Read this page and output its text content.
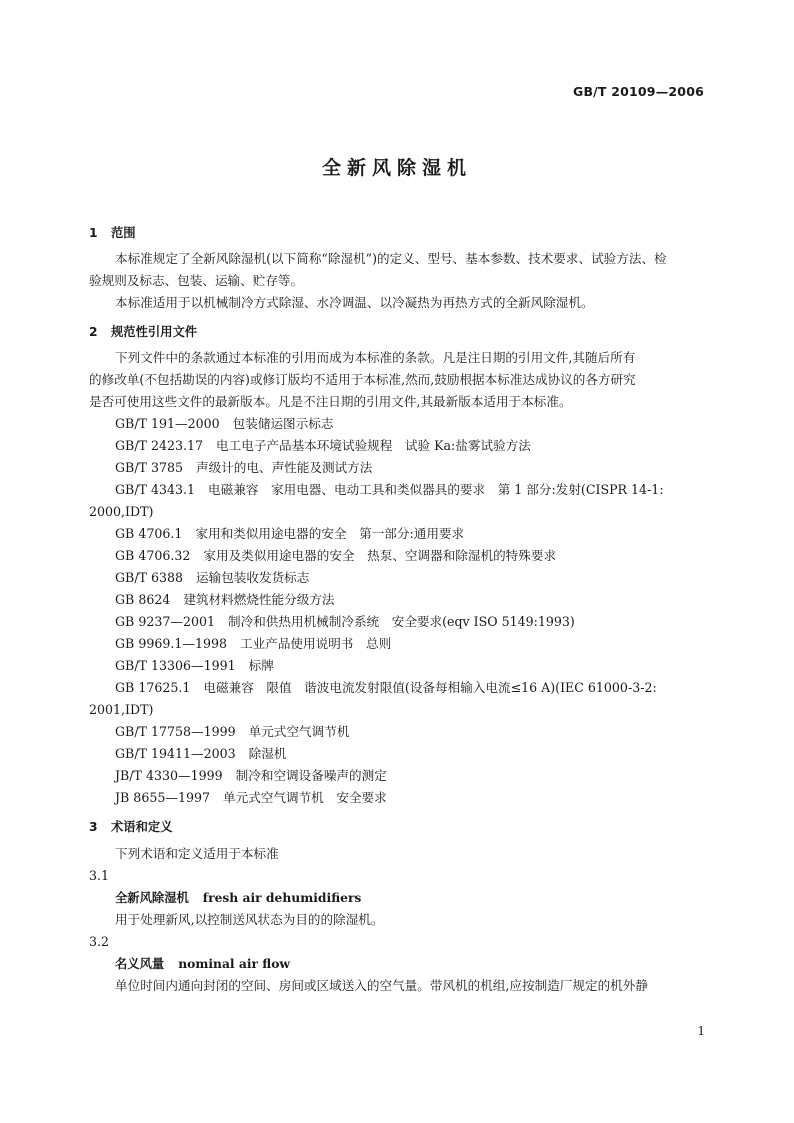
GB/T 20109—2006
全新风除湿机
1 范围
本标准规定了全新风除湿机(以下简称“除湿机”)的定义、型号、基本参数、技术要求、试验方法、检
验规则及标志、包装、运输、贮存等。
本标准适用于以机械制冷方式除湿、水冷调温、以冷凝热为再热方式的全新风除湿机。
2 规范性引用文件
下列文件中的条款通过本标准的引用而成为本标准的条款。凡是注日期的引用文件,其随后所有
的修改单(不包括勘误的内容)或修订版均不适用于本标准,然而,鼓励根据本标准达成协议的各方研究
是否可使用这些文件的最新版本。凡是不注日期的引用文件,其最新版本适用于本标准。
GB/T 191—2000 包装储运图示标志
GB/T 2423.17 电工电子产品基本环境试验规程　试验 Ka:盐雾试验方法
GB/T 3785 声级计的电、声性能及测试方法
GB/T 4343.1 电磁兼容　家用电器、电动工具和类似器具的要求　第 1 部分:发射(CISPR 14-1:
2000,IDT)
GB 4706.1 家用和类似用途电器的安全　第一部分:通用要求
GB 4706.32 家用及类似用途电器的安全　热泵、空调器和除湿机的特殊要求
GB/T 6388 运输包装收发货标志
GB 8624 建筑材料燃烧性能分级方法
GB 9237—2001 制冷和供热用机械制冷系统　安全要求(eqv ISO 5149:1993)
GB 9969.1—1998 工业产品使用说明书　总则
GB/T 13306—1991 标牌
GB 17625.1 电磁兼容　限值　谐波电流发射限值(设备每相输入电流≤16 A)(IEC 61000-3-2:
2001,IDT)
GB/T 17758—1999 单元式空气调节机
GB/T 19411—2003 除湿机
JB/T 4330—1999 制冷和空调设备噪声的测定
JB 8655—1997 单元式空气调节机　安全要求
3 术语和定义
下列术语和定义适用于本标准
3.1
全新风除湿机 fresh air dehumidifiers
用于处理新风,以控制送风状态为目的的除湿机。
3.2
名义风量 nominal air flow
单位时间内通向封闭的空间、房间或区域送入的空气量。带风机的机组,应按制造厂规定的机外静
1
